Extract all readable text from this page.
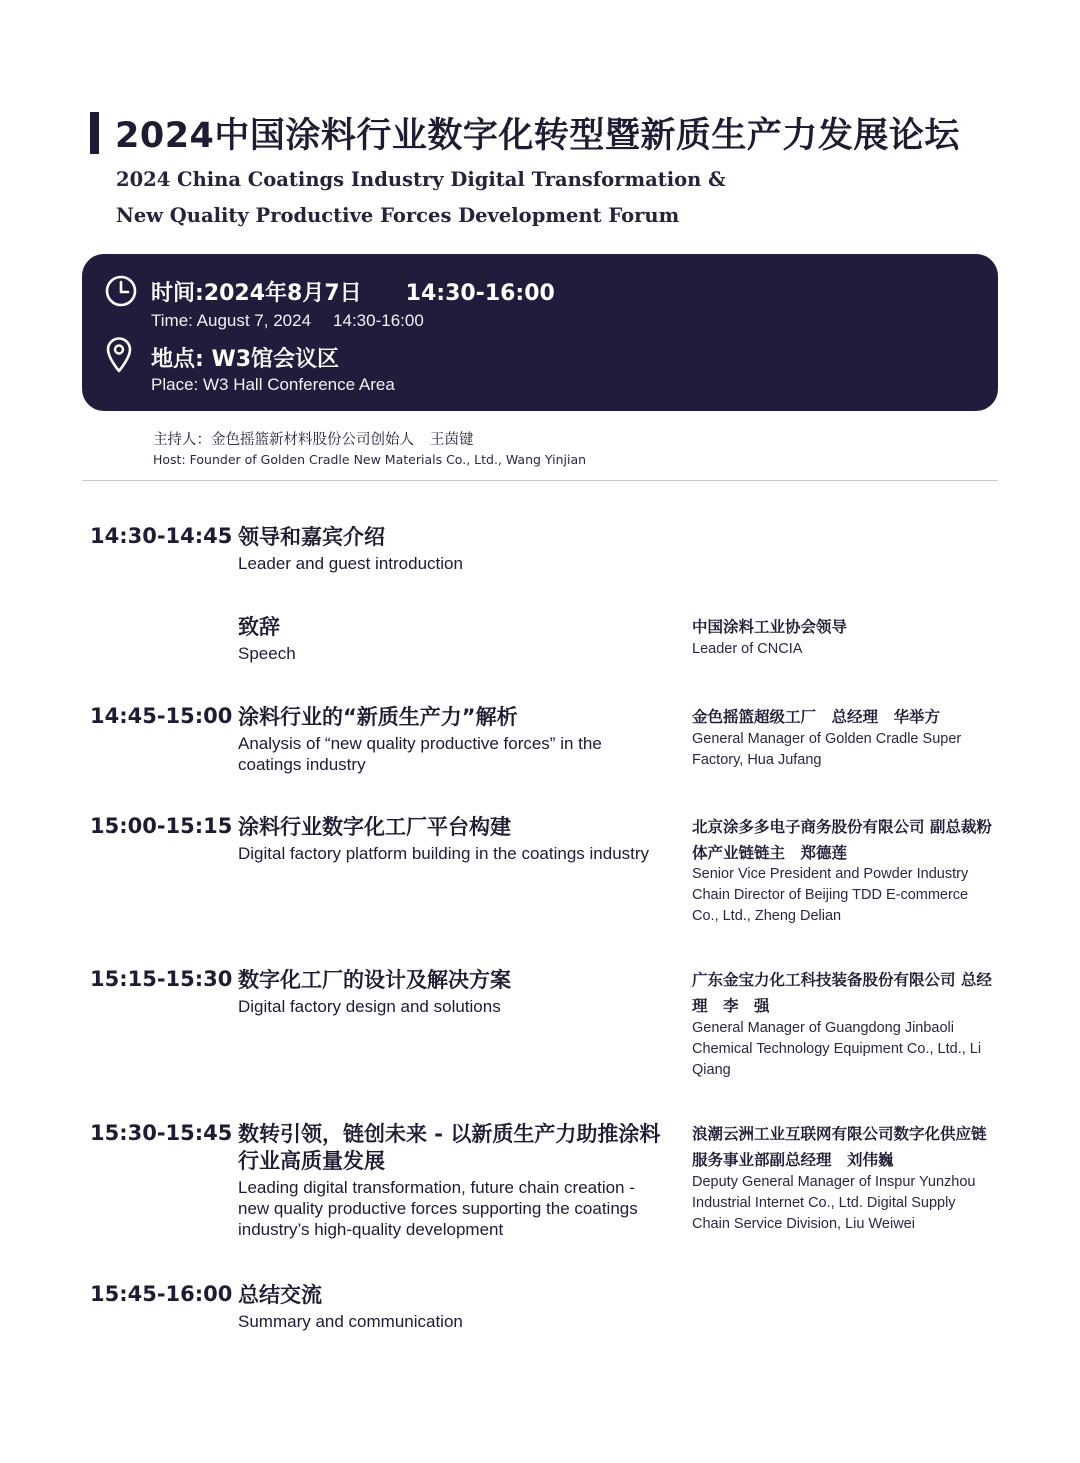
2024中国涂料行业数字化转型暨新质生产力发展论坛
2024 China Coatings Industry Digital Transformation &
New Quality Productive Forces Development Forum
时间:2024年8月7日 14:30-16:00
Time: August 7, 2024 14:30-16:00
地点: W3馆会议区
Place: W3 Hall Conference Area
主持人：金色摇篮新材料股份公司创始人 王茵键
Host: Founder of Golden Cradle New Materials Co., Ltd., Wang Yinjian
14:30-14:45 领导和嘉宾介绍
Leader and guest introduction
致辞
Speech
中国涂料工业协会领导
Leader of CNCIA
14:45-15:00 涂料行业的“新质生产力”解析
Analysis of “new quality productive forces” in the coatings industry
金色摇篮超级工厂　总经理　华举方
General Manager of Golden Cradle Super Factory, Hua Jufang
15:00-15:15 涂料行业数字化工厂平台构建
Digital factory platform building in the coatings industry
北京涂多多电子商务股份有限公司 副总裁粉体产业链链主　郑德莲
Senior Vice President and Powder Industry Chain Director of Beijing TDD E-commerce Co., Ltd., Zheng Delian
15:15-15:30 数字化工厂的设计及解决方案
Digital factory design and solutions
广东金宝力化工科技装备股份有限公司 总经理　李　强
General Manager of Guangdong Jinbaoli Chemical Technology Equipment Co., Ltd., Li Qiang
15:30-15:45 数转引领，链创未来 - 以新质生产力助推涂料行业高质量发展
Leading digital transformation, future chain creation - new quality productive forces supporting the coatings industry’s high-quality development
浪潮云洲工业互联网有限公司数字化供应链　服务事业部副总经理　刘伟巍
Deputy General Manager of Inspur Yunzhou Industrial Internet Co., Ltd. Digital Supply Chain Service Division, Liu Weiwei
15:45-16:00 总结交流
Summary and communication
